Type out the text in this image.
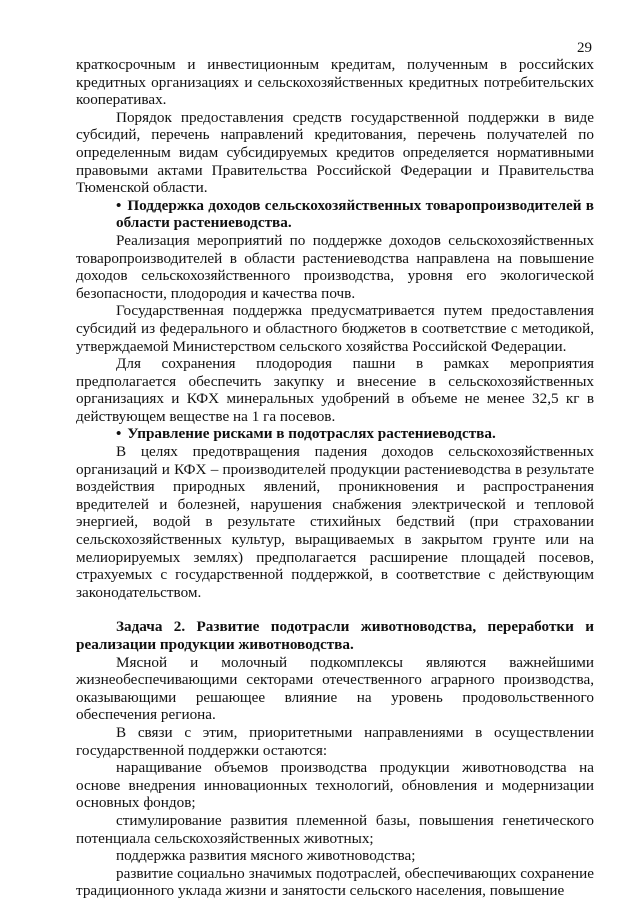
29

краткосрочным и инвестиционным кредитам, полученным в российских кредитных организациях и сельскохозяйственных кредитных потребительских кооперативах.

Порядок предоставления средств государственной поддержки в виде субсидий, перечень направлений кредитования, перечень получателей по определенным видам субсидируемых кредитов определяется нормативными правовыми актами Правительства Российской Федерации и Правительства Тюменской области.

• Поддержка доходов сельскохозяйственных товаропроизводителей в области растениеводства.

Реализация мероприятий по поддержке доходов сельскохозяйственных товаропроизводителей в области растениеводства направлена на повышение доходов сельскохозяйственного производства, уровня его экологической безопасности, плодородия и качества почв.

Государственная поддержка предусматривается путем предоставления субсидий из федерального и областного бюджетов в соответствие с методикой, утверждаемой Министерством сельского хозяйства Российской Федерации.

Для сохранения плодородия пашни в рамках мероприятия предполагается обеспечить закупку и внесение в сельскохозяйственных организациях и КФХ минеральных удобрений в объеме не менее 32,5 кг в действующем веществе на 1 га посевов.

• Управление рисками в подотраслях растениеводства.

В целях предотвращения падения доходов сельскохозяйственных организаций и КФХ – производителей продукции растениеводства в результате воздействия природных явлений, проникновения и распространения вредителей и болезней, нарушения снабжения электрической и тепловой энергией, водой в результате стихийных бедствий (при страховании сельскохозяйственных культур, выращиваемых в закрытом грунте или на мелиорируемых землях) предполагается расширение площадей посевов, страхуемых с государственной поддержкой, в соответствие с действующим законодательством.

Задача 2. Развитие подотрасли животноводства, переработки и реализации продукции животноводства.

Мясной и молочный подкомплексы являются важнейшими жизнеобеспечивающими секторами отечественного аграрного производства, оказывающими решающее влияние на уровень продовольственного обеспечения региона.

В связи с этим, приоритетными направлениями в осуществлении государственной поддержки остаются:

наращивание объемов производства продукции животноводства на основе внедрения инновационных технологий, обновления и модернизации основных фондов;

стимулирование развития племенной базы, повышения генетического потенциала сельскохозяйственных животных;

поддержка развития мясного животноводства;

развитие социально значимых подотраслей, обеспечивающих сохранение традиционного уклада жизни и занятости сельского населения, повышение
